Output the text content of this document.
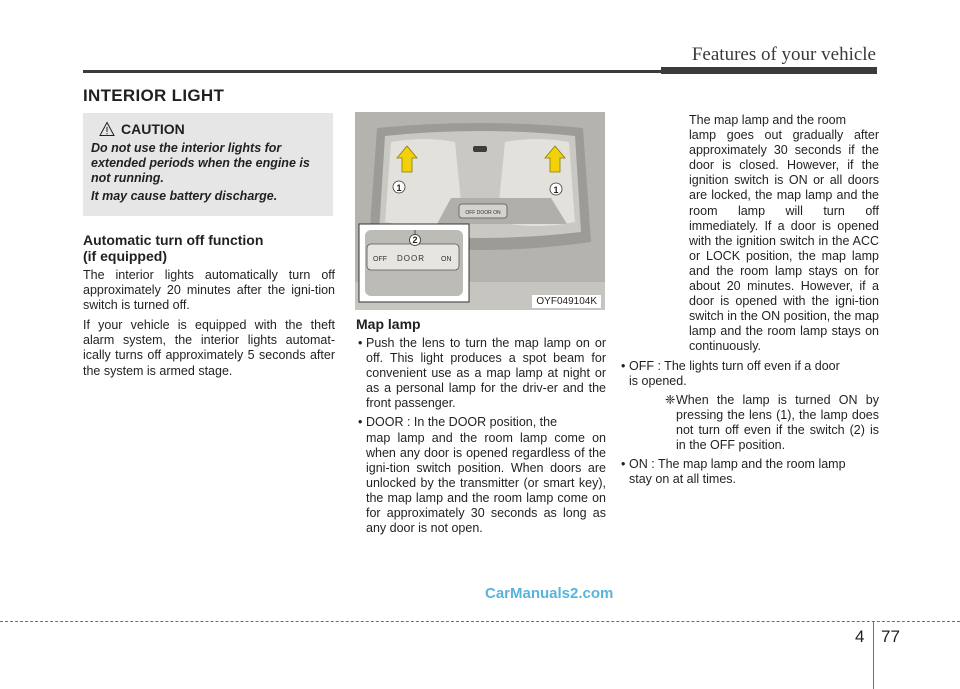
Features of your vehicle
INTERIOR LIGHT
CAUTION

Do not use the interior lights for extended periods when the engine is not running.

It may cause battery discharge.

Automatic turn off function
(if equipped)

The interior lights automatically turn off approximately 20 minutes after the igni-tion switch is turned off.

If your vehicle is equipped with the theft alarm system, the interior lights automat-ically turns off approximately 5 seconds after the system is armed stage.

OFF DOOR ON
1	1
2
OFF DOOR ON
OYF049104K
Map lamp

• Push the lens to turn the map lamp on or off. This light produces a spot beam for convenient use as a map lamp at night or as a personal lamp for the driv-er and the front passenger.

• DOOR : In the DOOR position, the

map lamp and the room lamp come on when any door is opened regardless of the igni-tion switch position. When doors are unlocked by the transmitter (or smart key), the map lamp and the room lamp come on for approximately 30 seconds as long as any door is not open.

The map lamp and the room

lamp goes out gradually after approximately 30 seconds if the door is closed. However, if the ignition switch is ON or all doors are locked, the map lamp and the room lamp will turn off immediately. If a door is opened with the ignition switch in the ACC or LOCK position, the map lamp and the room lamp stays on for about 20 minutes. However, if a door is opened with the igni-tion switch in the ON position, the map lamp and the room lamp stays on continuously.

• OFF : The lights turn off even if a door

is opened.

❈ When the lamp is turned ON by pressing the lens (1), the lamp does not turn off even if the switch (2) is in the OFF position.

• ON : The map lamp and the room lamp

stay on at all times.

CarManuals2.com
4 77
